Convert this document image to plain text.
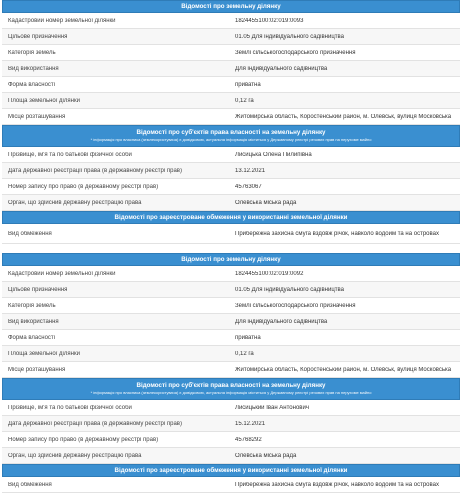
Відомості про земельну ділянку
Кадастровий номер земельної ділянки	1824455100:02:019:0093
Цільове призначення	01.05 Для індивідуального садівництва
Категорія земель	Землі сільськогосподарського призначення
Вид використання	Для індивідуального садівництва
Форма власності	приватна
Площа земельної ділянки	0,12 га
Місце розташування	Житомирська область, Коростенський район, м. Олевськ, вулиця Московська
Відомості про суб'єктів права власності на земельну ділянку
* інформація про власника (землекористувача) є довідковою, актуальна інформація міститься у Державному реєстрі речових прав на нерухоме майно
Прізвище, ім'я та по батькові фізичної особи	Лисицька Олена Пилипівна
Дата державної реєстрації права (в державному реєстрі прав)	13.12.2021
Номер запису про право (в державному реєстрі прав)	45763067
Орган, що здійснив державну реєстрацію права	Олевська міська рада
Відомості про зареєстроване обмеження у використанні земельної ділянки
Вид обмеження	Прибережна захисна смуга вздовж річок, навколо водойм та на островах
Відомості про земельну ділянку
Кадастровий номер земельної ділянки	1824455100:02:019:0092
Цільове призначення	01.05 Для індивідуального садівництва
Категорія земель	Землі сільськогосподарського призначення
Вид використання	Для індивідуального садівництва
Форма власності	приватна
Площа земельної ділянки	0,12 га
Місце розташування	Житомирська область, Коростенський район, м. Олевськ, вулиця Московська
Відомості про суб'єктів права власності на земельну ділянку
* інформація про власника (землекористувача) є довідковою, актуальна інформація міститься у Державному реєстрі речових прав на нерухоме майно
Прізвище, ім'я та по батькові фізичної особи	Лисицький Іван Антонович
Дата державної реєстрації права (в державному реєстрі прав)	15.12.2021
Номер запису про право (в державному реєстрі прав)	45768292
Орган, що здійснив державну реєстрацію права	Олевська міська рада
Відомості про зареєстроване обмеження у використанні земельної ділянки
Вид обмеження	Прибережна захисна смуга вздовж річок, навколо водойм та на островах
